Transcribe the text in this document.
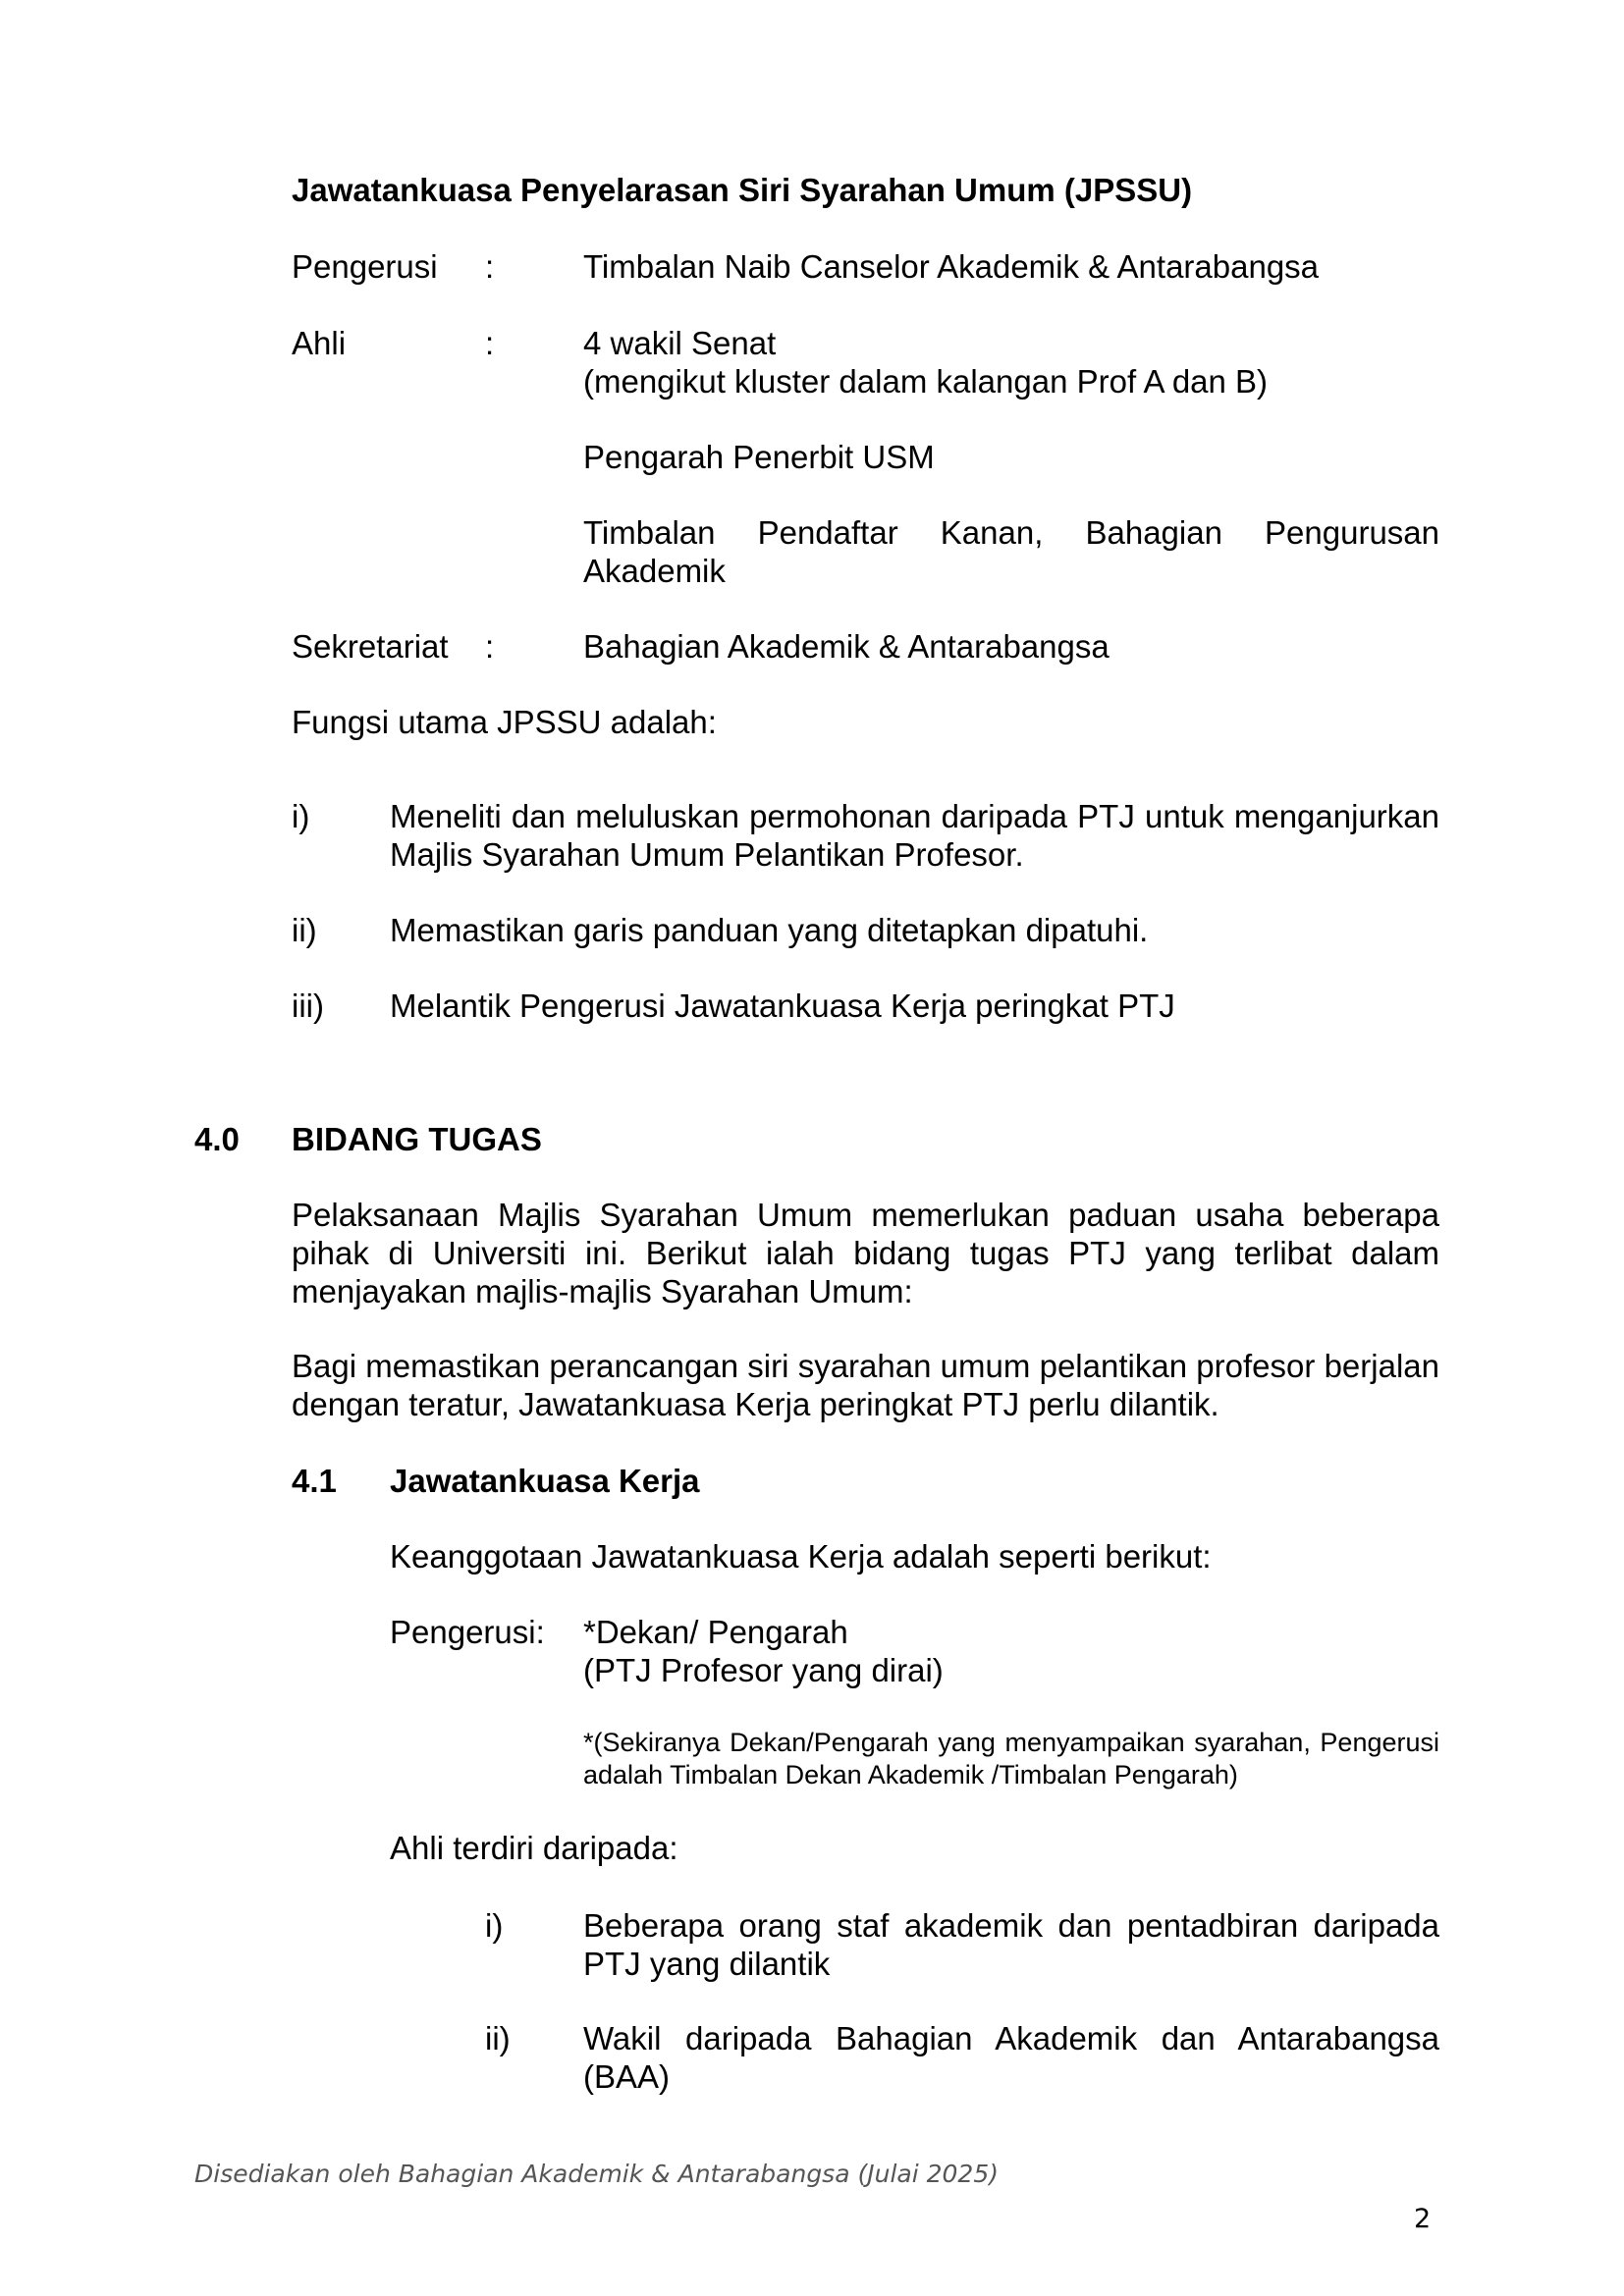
Jawatankuasa Penyelarasan Siri Syarahan Umum (JPSSU)

Pengerusi :	Timbalan Naib Canselor Akademik & Antarabangsa

Ahli	:	4 wakil Senat

(mengikut kluster dalam kalangan Prof A dan B)

Pengarah Penerbit USM

Timbalan Pendaftar Kanan, Bahagian Pengurusan Akademik

Sekretariat :	Bahagian Akademik & Antarabangsa

Fungsi utama JPSSU adalah:

i) Meneliti dan meluluskan permohonan daripada PTJ untuk menganjurkan Majlis Syarahan Umum Pelantikan Profesor.

ii) Memastikan garis panduan yang ditetapkan dipatuhi.

iii) Melantik Pengerusi Jawatankuasa Kerja peringkat PTJ

4.0 BIDANG TUGAS

Pelaksanaan Majlis Syarahan Umum memerlukan paduan usaha beberapa pihak di Universiti ini. Berikut ialah bidang tugas PTJ yang terlibat dalam menjayakan majlis-majlis Syarahan Umum:

Bagi memastikan perancangan siri syarahan umum pelantikan profesor berjalan dengan teratur, Jawatankuasa Kerja peringkat PTJ perlu dilantik.

4.1 Jawatankuasa Kerja

Keanggotaan Jawatankuasa Kerja adalah seperti berikut:

Pengerusi: *Dekan/ Pengarah

(PTJ Profesor yang dirai)

*(Sekiranya Dekan/Pengarah yang menyampaikan syarahan, Pengerusi adalah Timbalan Dekan Akademik /Timbalan Pengarah)

Ahli terdiri daripada:

i) Beberapa orang staf akademik dan pentadbiran daripada PTJ yang dilantik

ii) Wakil daripada Bahagian Akademik dan Antarabangsa (BAA)

Disediakan oleh Bahagian Akademik & Antarabangsa (Julai 2025)
2
